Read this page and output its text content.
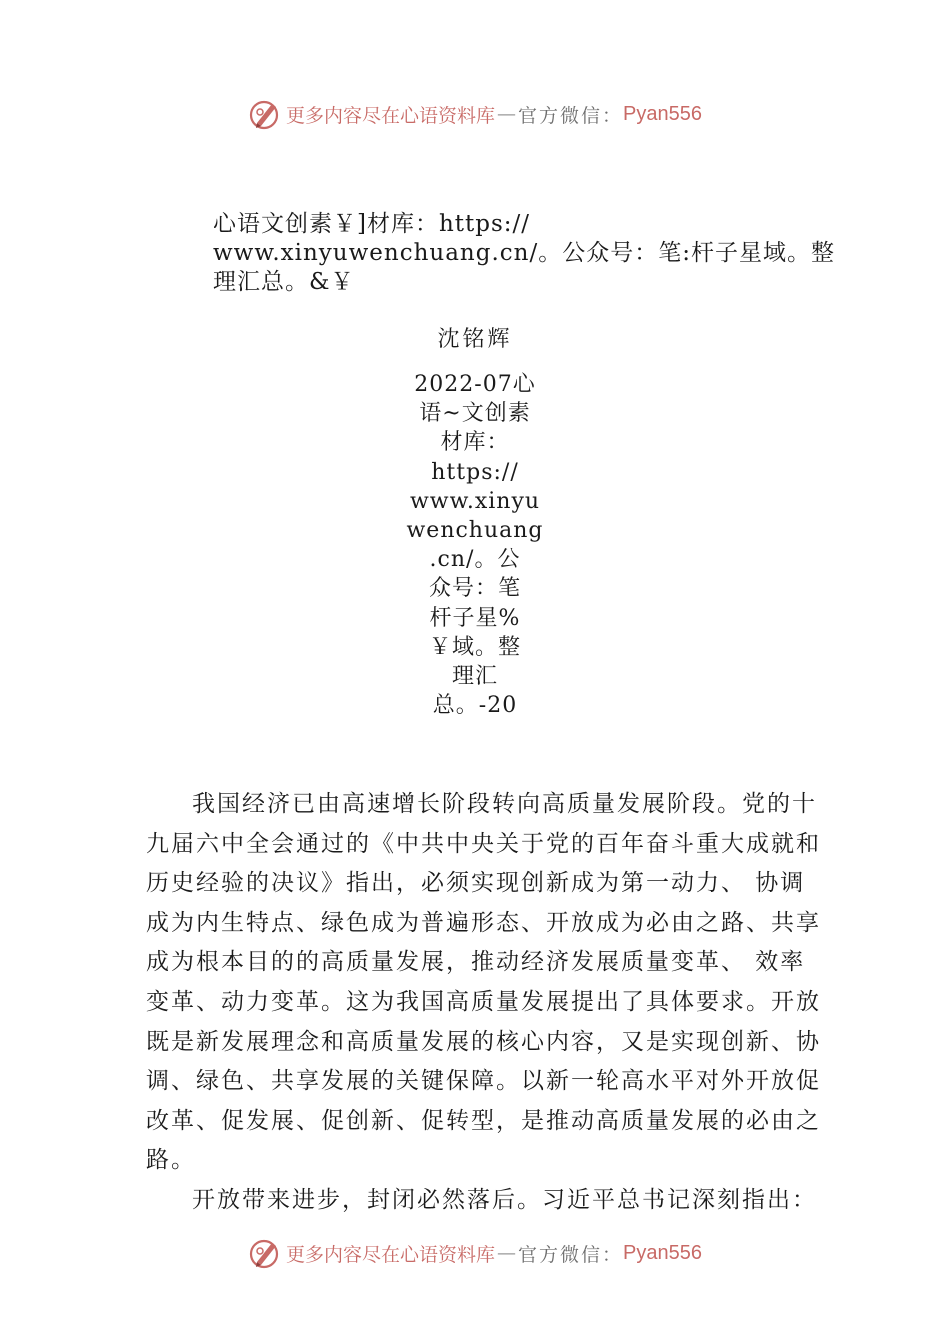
更多内容尽在心语资料库 — 官方微信： Pyan556
心语文创素￥]材库：https:// www.xinyuwenchuang.cn/。公众号：笔:杆子星域。整理汇总。&￥
沈铭辉
2022-07心
语~文创素
材库：
https://
www.xinyu
wenchuang
.cn/。公
众号：笔
杆子星%
￥域。整
理汇
总。-20

我国经济已由高速增长阶段转向高质量发展阶段。党的十九届六中全会通过的《中共中央关于党的百年奋斗重大成就和历史经验的决议》指出，必须实现创新成为第一动力、 协调成为内生特点、绿色成为普遍形态、开放成为必由之路、共享成为根本目的的高质量发展，推动经济发展质量变革、 效率变革、动力变革。这为我国高质量发展提出了具体要求。开放既是新发展理念和高质量发展的核心内容，又是实现创新、协调、绿色、共享发展的关键保障。以新一轮高水平对外开放促改革、促发展、促创新、促转型，是推动高质量发展的必由之路。

开放带来进步，封闭必然落后。习近平总书记深刻指出：

更多内容尽在心语资料库 — 官方微信： Pyan556
